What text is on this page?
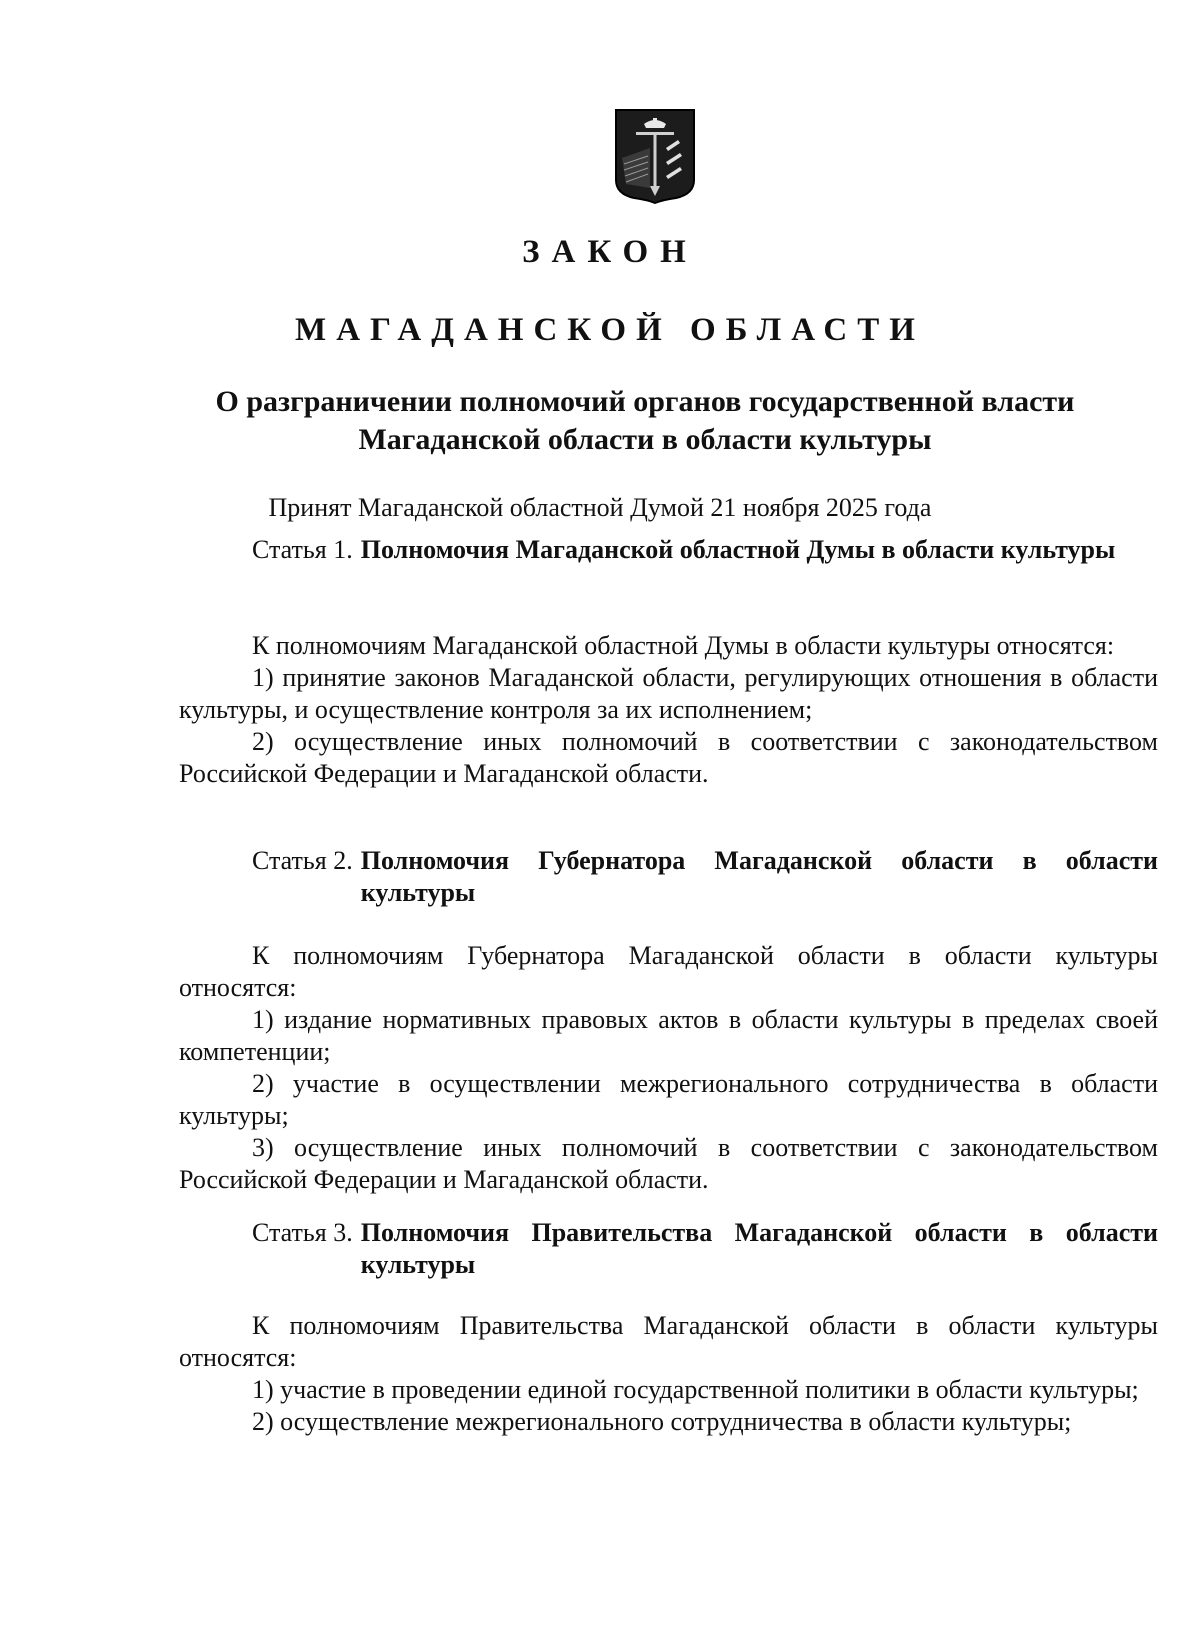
ЗАКОН
МАГАДАНСКОЙ ОБЛАСТИ
О разграничении полномочий органов государственной власти Магаданской области в области культуры

Принят Магаданской областной Думой 21 ноября 2025 года

Статья 1. Полномочия Магаданской областной Думы в области культуры

К полномочиям Магаданской областной Думы в области культуры относятся:

1) принятие законов Магаданской области, регулирующих отношения в области культуры, и осуществление контроля за их исполнением;

2) осуществление иных полномочий в соответствии с законодательством Российской Федерации и Магаданской области.

Статья 2. Полномочия Губернатора Магаданской области в области культуры

К полномочиям Губернатора Магаданской области в области культуры относятся:

1) издание нормативных правовых актов в области культуры в пределах своей компетенции;

2) участие в осуществлении межрегионального сотрудничества в области культуры;

3) осуществление иных полномочий в соответствии с законодательством Российской Федерации и Магаданской области.

Статья 3. Полномочия Правительства Магаданской области в области культуры

К полномочиям Правительства Магаданской области в области культуры относятся:

1) участие в проведении единой государственной политики в области культуры;

2) осуществление межрегионального сотрудничества в области культуры;
